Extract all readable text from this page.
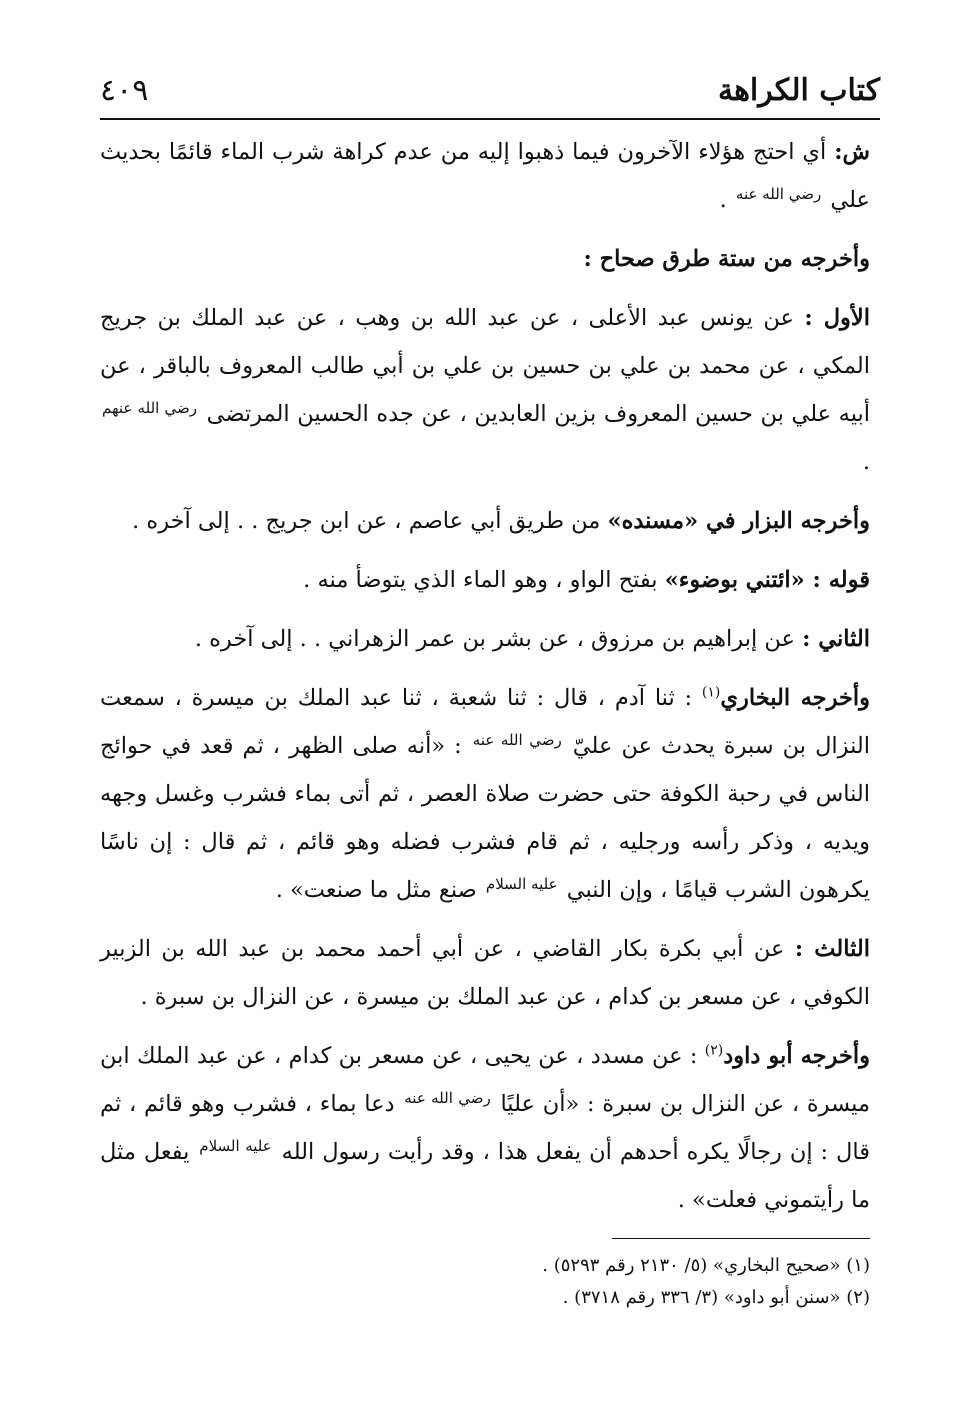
كتاب الكراهة
٤٠٩

ش: أي احتج هؤلاء الآخرون فيما ذهبوا إليه من عدم كراهة شرب الماء قائمًا بحديث علي $^{رضي الله عنه}$ .

وأخرجه من ستة طرق صحاح :

الأول : عن يونس عبد الأعلى ، عن عبد الله بن وهب ، عن عبد الملك بن جريج المكي ، عن محمد بن علي بن حسين بن علي بن أبي طالب المعروف بالباقر ، عن أبيه علي بن حسين المعروف بزين العابدين ، عن جده الحسين المرتضى $^{رضي الله عنهم}$ .

وأخرجه البزار في «مسنده» من طريق أبي عاصم ، عن ابن جريج . . إلى آخره .

قوله : «ائتني بوضوء» بفتح الواو ، وهو الماء الذي يتوضأ منه .

الثاني : عن إبراهيم بن مرزوق ، عن بشر بن عمر الزهراني . . إلى آخره .

وأخرجه البخاري$^{(١)}$ : ثنا آدم ، قال : ثنا شعبة ، ثنا عبد الملك بن ميسرة ، سمعت النزال بن سبرة يحدث عن عليّ $^{رضي الله عنه}$ : «أنه صلى الظهر ، ثم قعد في حوائج الناس في رحبة الكوفة حتى حضرت صلاة العصر ، ثم أتى بماء فشرب وغسل وجهه ويديه ، وذكر رأسه ورجليه ، ثم قام فشرب فضله وهو قائم ، ثم قال : إن ناسًا يكرهون الشرب قيامًا ، وإن النبي $^{عليه السلام}$ صنع مثل ما صنعت» .

الثالث : عن أبي بكرة بكار القاضي ، عن أبي أحمد محمد بن عبد الله بن الزبير الكوفي ، عن مسعر بن كدام ، عن عبد الملك بن ميسرة ، عن النزال بن سبرة .

وأخرجه أبو داود$^{(٢)}$ : عن مسدد ، عن يحيى ، عن مسعر بن كدام ، عن عبد الملك ابن ميسرة ، عن النزال بن سبرة : «أن عليًا $^{رضي الله عنه}$ دعا بماء ، فشرب وهو قائم ، ثم قال : إن رجالًا يكره أحدهم أن يفعل هذا ، وقد رأيت رسول الله $^{عليه السلام}$ يفعل مثل ما رأيتموني فعلت» .

(١) «صحيح البخاري» (٥/ ٢١٣٠ رقم ٥٢٩٣) .

(٢) «سنن أبو داود» (٣/ ٣٣٦ رقم ٣٧١٨) .
